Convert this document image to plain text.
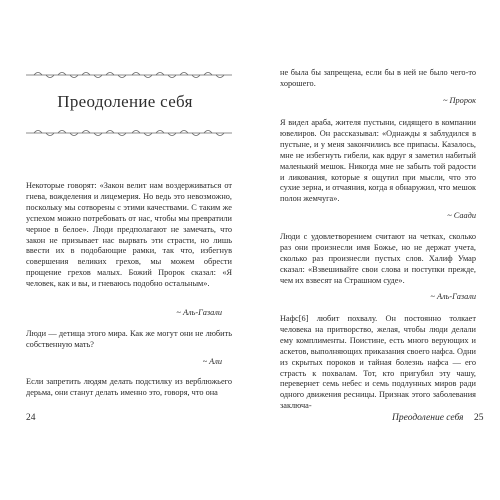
Преодоление себя
Некоторые говорят: «Закон велит нам воздерживаться от гнева, вожделения и лицемерия. Но ведь это невозможно, поскольку мы сотворены с этими качествами. С таким же успехом можно потребовать от нас, чтобы мы превратили черное в белое». Люди предполагают не замечать, что закон не призывает нас вырвать эти страсти, но лишь ввести их в подобающие рамки, так что, избегнув совершения великих грехов, мы можем обрести прощение грехов малых. Божий Пророк сказал: «Я человек, как и вы, и гневаюсь подобно остальным».
~ Аль-Газали
Люди — детища этого мира. Как же могут они не любить собственную мать?
~ Али
Если запретить людям делать подстилку из верблюжьего дерьма, они станут делать именно это, говоря, что она
24
не была бы запрещена, если бы в ней не было чего-то хорошего.
~ Пророк
Я видел араба, жителя пустыни, сидящего в компании ювелиров. Он рассказывал: «Однажды я заблудился в пустыне, и у меня закончились все припасы. Казалось, мне не избегнуть гибели, как вдруг я заметил набитый маленький мешок. Никогда мне не забыть той радости и ликования, которые я ощутил при мысли, что это сухие зерна, и отчаяния, когда я обнаружил, что мешок полон жемчуга».
~ Саади
Люди с удовлетворением считают на четках, сколько раз они произнесли имя Божье, но не держат учета, сколько раз произнесли пустых слов. Халиф Умар сказал: «Взвешивайте свои слова и поступки прежде, чем их взвесят на Страшном суде».
~ Аль-Газали
Нафс[6] любит похвалу. Он постоянно толкает человека на притворство, желая, чтобы люди делали ему комплименты. Поистине, есть много верующих и аскетов, выполняющих приказания своего нафса. Одни из скрытых пороков и тайная болезнь нафса — его страсть к похвалам. Тот, кто пригубил эту чашу, перевернет семь небес и семь подлунных миров ради одного движения ресницы. Признак этого заболевания заключа-
Преодоление себя 25
